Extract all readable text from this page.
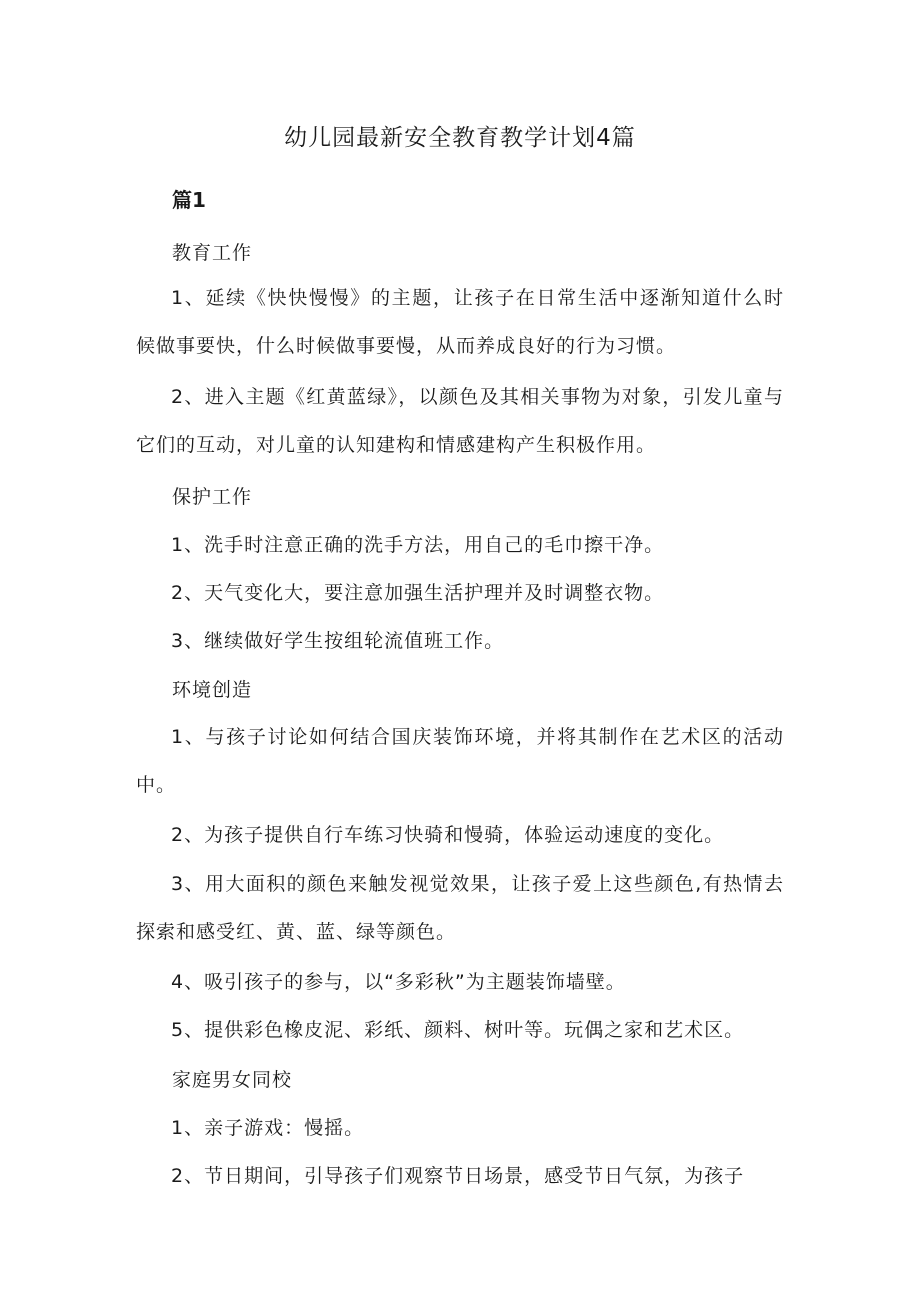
幼儿园最新安全教育教学计划4篇
篇1
教育工作
1、延续《快快慢慢》的主题，让孩子在日常生活中逐渐知道什么时候做事要快，什么时候做事要慢，从而养成良好的行为习惯。
2、进入主题《红黄蓝绿》，以颜色及其相关事物为对象，引发儿童与它们的互动，对儿童的认知建构和情感建构产生积极作用。
保护工作
1、洗手时注意正确的洗手方法，用自己的毛巾擦干净。
2、天气变化大，要注意加强生活护理并及时调整衣物。
3、继续做好学生按组轮流值班工作。
环境创造
1、与孩子讨论如何结合国庆装饰环境，并将其制作在艺术区的活动中。
2、为孩子提供自行车练习快骑和慢骑，体验运动速度的变化。
3、用大面积的颜色来触发视觉效果，让孩子爱上这些颜色,有热情去探索和感受红、黄、蓝、绿等颜色。
4、吸引孩子的参与，以“多彩秋”为主题装饰墙壁。
5、提供彩色橡皮泥、彩纸、颜料、树叶等。玩偶之家和艺术区。
家庭男女同校
1、亲子游戏：慢摇。
2、节日期间，引导孩子们观察节日场景，感受节日气氛，为孩子
